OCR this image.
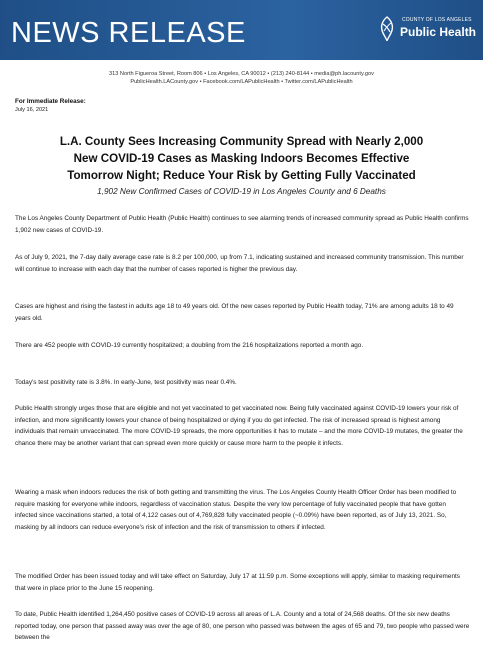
NEWS RELEASE	COUNTY OF LOS ANGELES
Public Health
313 North Figueroa Street, Room 806 • Los Angeles, CA 90012 • (213) 240-8144 • media@ph.lacounty.gov
PublicHealth.LACounty.gov • Facebook.com/LAPublicHealth • Twitter.com/LAPublicHealth
For Immediate Release:
July 16, 2021
L.A. County Sees Increasing Community Spread with Nearly 2,000
New COVID-19 Cases as Masking Indoors Becomes Effective
Tomorrow Night; Reduce Your Risk by Getting Fully Vaccinated
1,902 New Confirmed Cases of COVID-19 in Los Angeles County and 6 Deaths

The Los Angeles County Department of Public Health (Public Health) continues to see alarming trends of increased community spread as Public Health confirms 1,902 new cases of COVID-19.

As of July 9, 2021, the 7-day daily average case rate is 8.2 per 100,000, up from 7.1, indicating sustained and increased community transmission. This number will continue to increase with each day that the number of cases reported is higher the previous day.

Cases are highest and rising the fastest in adults age 18 to 49 years old. Of the new cases reported by Public Health today, 71% are among adults 18 to 49 years old.

There are 452 people with COVID-19 currently hospitalized; a doubling from the 216 hospitalizations reported a month ago.

Today's test positivity rate is 3.8%. In early-June, test positivity was near 0.4%.

Public Health strongly urges those that are eligible and not yet vaccinated to get vaccinated now. Being fully vaccinated against COVID-19 lowers your risk of infection, and more significantly lowers your chance of being hospitalized or dying if you do get infected. The risk of increased spread is highest among individuals that remain unvaccinated. The more COVID-19 spreads, the more opportunities it has to mutate – and the more COVID-19 mutates, the greater the chance there may be another variant that can spread even more quickly or cause more harm to the people it infects.

Wearing a mask when indoors reduces the risk of both getting and transmitting the virus. The Los Angeles County Health Officer Order has been modified to require masking for everyone while indoors, regardless of vaccination status. Despite the very low percentage of fully vaccinated people that have gotten infected since vaccinations started, a total of 4,122 cases out of 4,769,828 fully vaccinated people (~0.09%) have been reported, as of July 13, 2021. So, masking by all indoors can reduce everyone's risk of infection and the risk of transmission to others if infected.

The modified Order has been issued today and will take effect on Saturday, July 17 at 11:59 p.m. Some exceptions will apply, similar to masking requirements that were in place prior to the June 15 reopening.

To date, Public Health identified 1,264,450 positive cases of COVID-19 across all areas of L.A. County and a total of 24,568 deaths. Of the six new deaths reported today, one person that passed away was over the age of 80, one person who passed was between the ages of 65 and 79, two people who passed were between the
